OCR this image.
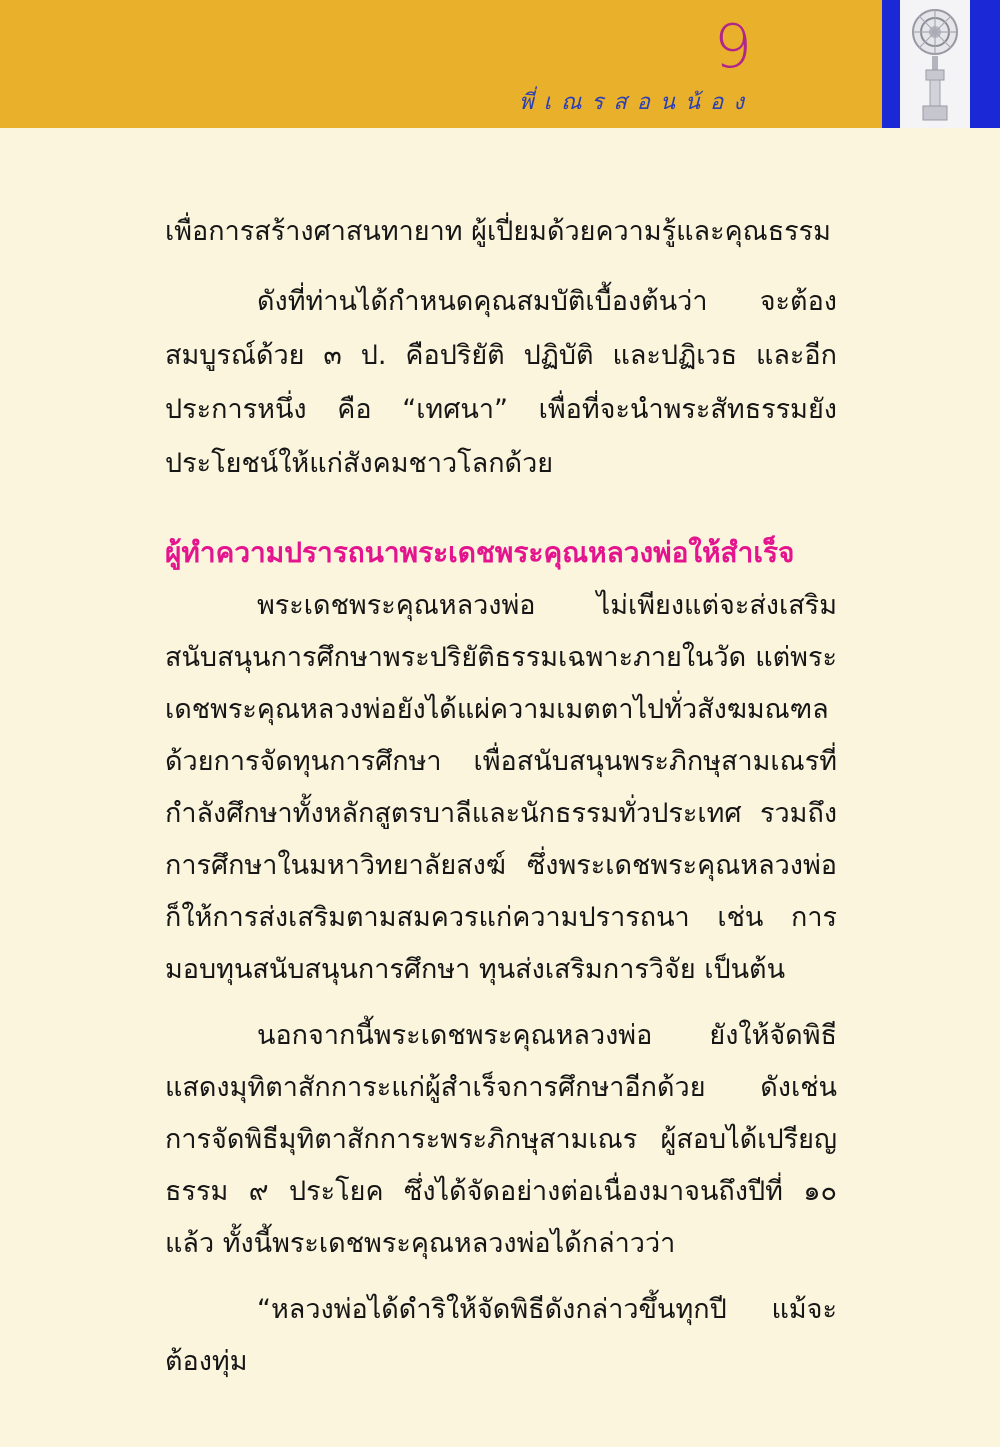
9
พี่เณรสอนน้อง

เพื่อการสร้างศาสนทายาท ผู้เปี่ยมด้วยความรู้และคุณธรรม

ดังที่ท่านได้กำหนดคุณสมบัติเบื้องต้นว่า จะต้องสมบูรณ์ด้วย ๓ ป. คือปริยัติ ปฏิบัติ และปฏิเวธ และอีกประการหนึ่ง คือ “เทศนา” เพื่อที่จะนำพระสัทธรรมยังประโยชน์ให้แก่สังคมชาวโลกด้วย

ผู้ทำความปรารถนาพระเดชพระคุณหลวงพ่อให้สำเร็จ

พระเดชพระคุณหลวงพ่อ ไม่เพียงแต่จะส่งเสริมสนับสนุนการศึกษาพระปริยัติธรรมเฉพาะภายในวัด แต่พระเดชพระคุณหลวงพ่อยังได้แผ่ความเมตตาไปทั่วสังฆมณฑล ด้วยการจัดทุนการศึกษา เพื่อสนับสนุนพระภิกษุสามเณรที่กำลังศึกษาทั้งหลักสูตรบาลีและนักธรรมทั่วประเทศ รวมถึงการศึกษาในมหาวิทยาลัยสงฆ์ ซึ่งพระเดชพระคุณหลวงพ่อก็ให้การส่งเสริมตามสมควรแก่ความปรารถนา เช่น การมอบทุนสนับสนุนการศึกษา ทุนส่งเสริมการวิจัย เป็นต้น

นอกจากนี้พระเดชพระคุณหลวงพ่อ ยังให้จัดพิธีแสดงมุทิตาสักการะแก่ผู้สำเร็จการศึกษาอีกด้วย ดังเช่น การจัดพิธีมุทิตาสักการะพระภิกษุสามเณร ผู้สอบได้เปรียญธรรม ๙ ประโยค ซึ่งได้จัดอย่างต่อเนื่องมาจนถึงปีที่ ๑๐ แล้ว ทั้งนี้พระเดชพระคุณหลวงพ่อได้กล่าวว่า

“หลวงพ่อได้ดำริให้จัดพิธีดังกล่าวขึ้นทุกปี แม้จะต้องทุ่ม
